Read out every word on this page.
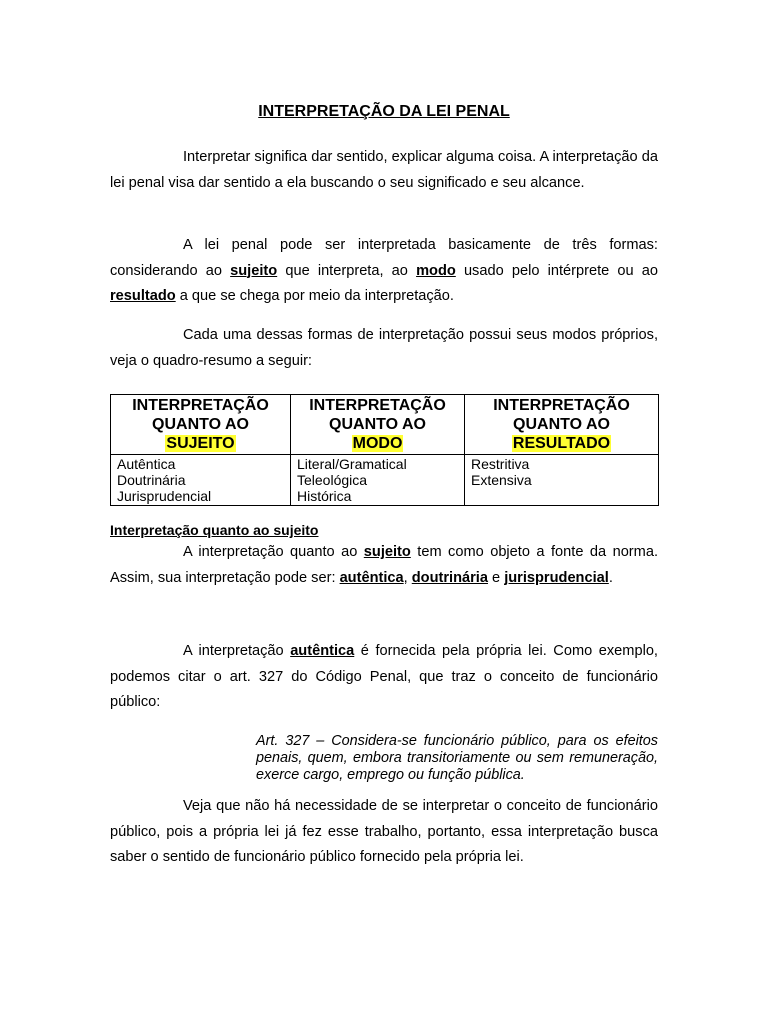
INTERPRETAÇÃO DA LEI PENAL

Interpretar significa dar sentido, explicar alguma coisa. A interpretação da lei penal visa dar sentido a ela buscando o seu significado e seu alcance.

A lei penal pode ser interpretada basicamente de três formas: considerando ao sujeito que interpreta, ao modo usado pelo intérprete ou ao resultado a que se chega por meio da interpretação.

Cada uma dessas formas de interpretação possui seus modos próprios, veja o quadro-resumo a seguir:

INTERPRETAÇÃO
QUANTO AO
SUJEITO	INTERPRETAÇÃO
QUANTO AO
MODO	INTERPRETAÇÃO
QUANTO AO
RESULTADO
Autêntica
Doutrinária
Jurisprudencial	Literal/Gramatical
Teleológica
Histórica	Restritiva
Extensiva

Interpretação quanto ao sujeito

A interpretação quanto ao sujeito tem como objeto a fonte da norma. Assim, sua interpretação pode ser: autêntica, doutrinária e jurisprudencial.

A interpretação autêntica é fornecida pela própria lei. Como exemplo, podemos citar o art. 327 do Código Penal, que traz o conceito de funcionário público:

Art. 327 – Considera-se funcionário público, para os efeitos penais, quem, embora transitoriamente ou sem remuneração, exerce cargo, emprego ou função pública.

Veja que não há necessidade de se interpretar o conceito de funcionário público, pois a própria lei já fez esse trabalho, portanto, essa interpretação busca saber o sentido de funcionário público fornecido pela própria lei.
